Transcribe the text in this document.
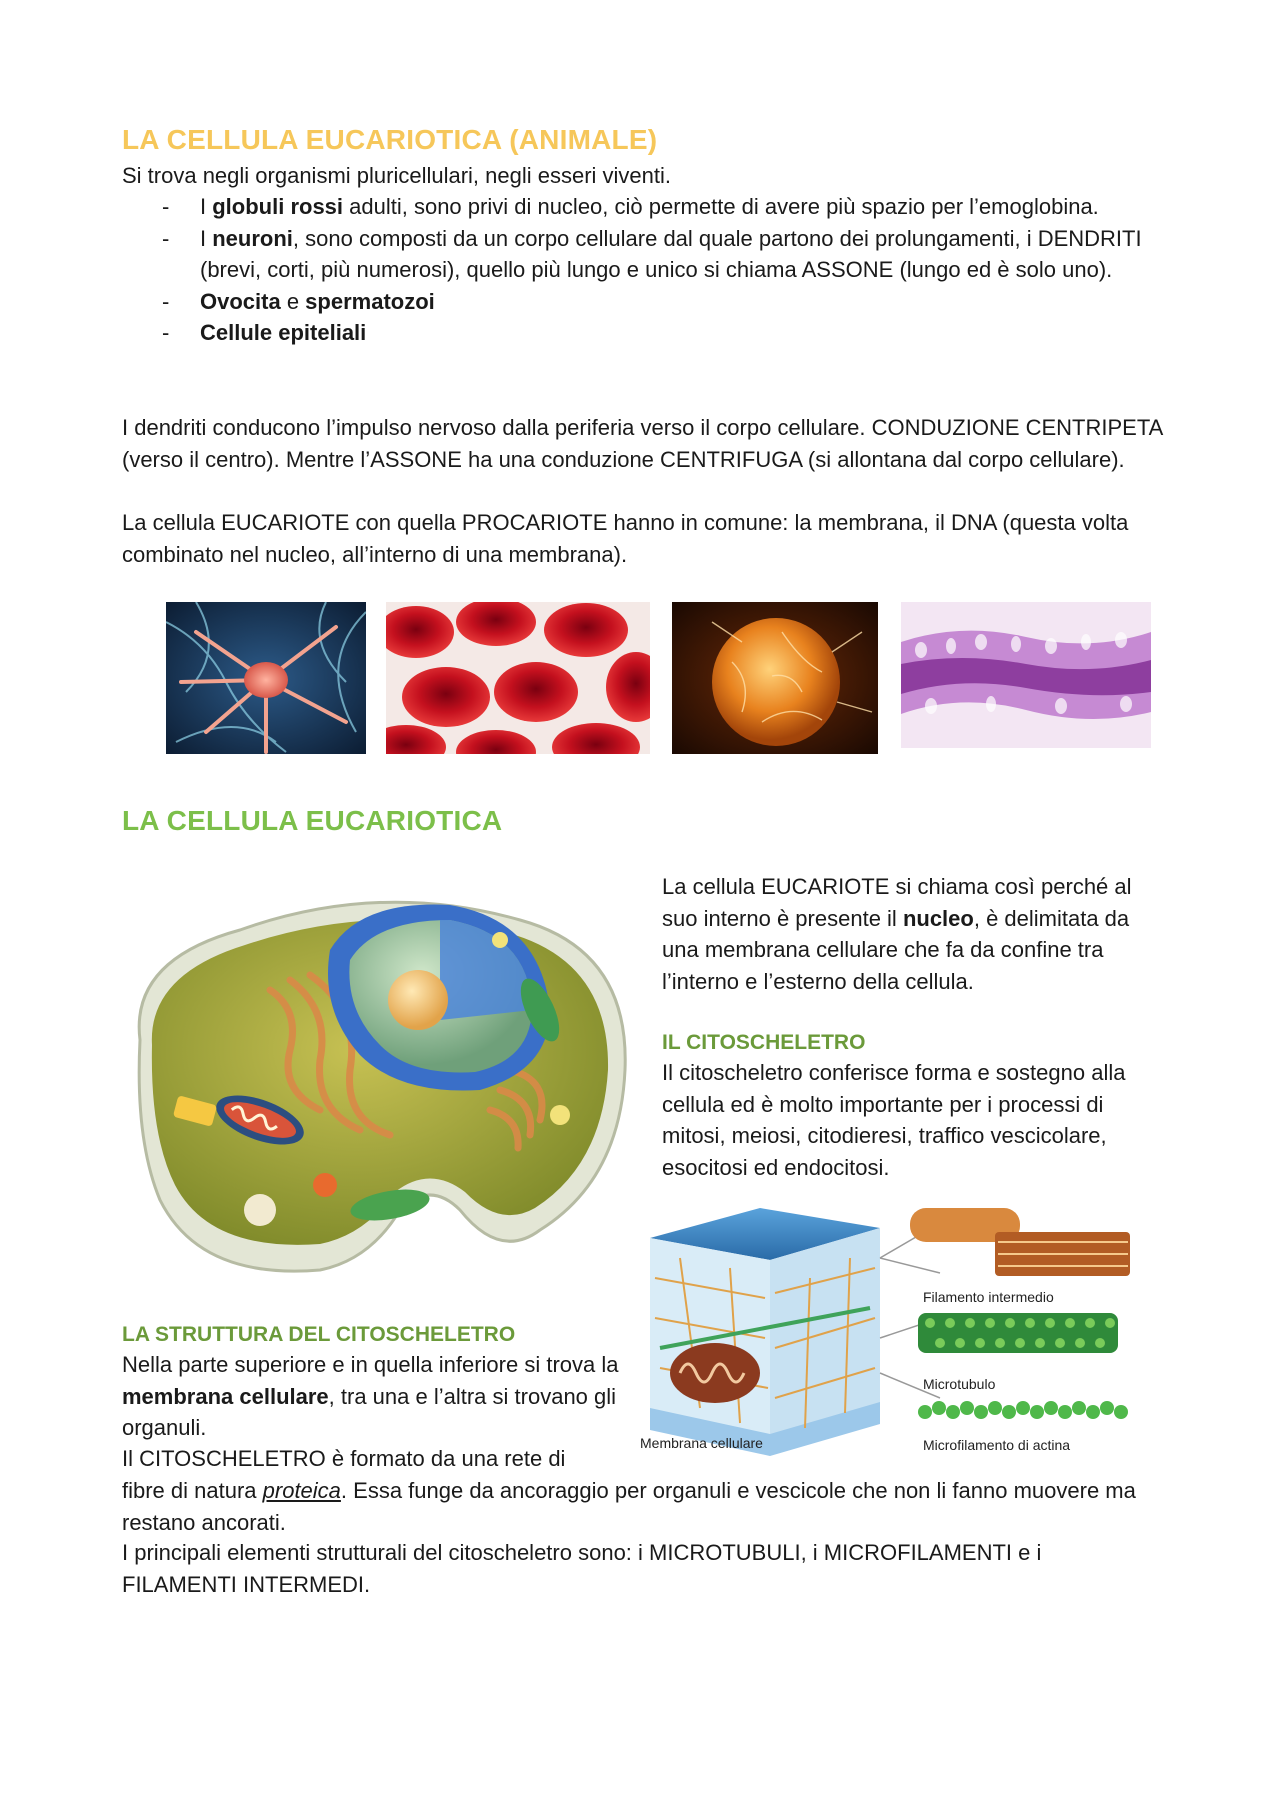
LA CELLULA EUCARIOTICA (ANIMALE)

Si trova negli organismi pluricellulari, negli esseri viventi.

- I globuli rossi adulti, sono privi di nucleo, ciò permette di avere più spazio per l’emoglobina.
- I neuroni, sono composti da un corpo cellulare dal quale partono dei prolungamenti, i DENDRITI (brevi, corti, più numerosi), quello più lungo e unico si chiama ASSONE (lungo ed è solo uno).
- Ovocita e spermatozoi
- Cellule epiteliali

I dendriti conducono l’impulso nervoso dalla periferia verso il corpo cellulare. CONDUZIONE CENTRIPETA (verso il centro). Mentre l’ASSONE ha una conduzione CENTRIFUGA (si allontana dal corpo cellulare).

La cellula EUCARIOTE con quella PROCARIOTE hanno in comune: la membrana, il DNA (questa volta combinato nel nucleo, all’interno di una membrana).

LA CELLULA EUCARIOTICA

La cellula EUCARIOTE si chiama così perché al suo interno è presente il nucleo, è delimitata da una membrana cellulare che fa da confine tra l’interno e l’esterno della cellula.

IL CITOSCHELETRO

Il citoscheletro conferisce forma e sostegno alla cellula ed è molto importante per i processi di mitosi, meiosi, citodieresi, traffico vescicolare, esocitosi ed endocitosi.

Filamento intermedio
Microtubulo
Microfilamento di actina
Membrana cellulare
LA STRUTTURA DEL CITOSCHELETRO

Nella parte superiore e in quella inferiore si trova la membrana cellulare, tra una e l’altra si trovano gli organuli.

Il CITOSCHELETRO è formato da una rete di

fibre di natura proteica. Essa funge da ancoraggio per organuli e vescicole che non li fanno muovere ma restano ancorati.

I principali elementi strutturali del citoscheletro sono: i MICROTUBULI, i MICROFILAMENTI e i FILAMENTI INTERMEDI.
